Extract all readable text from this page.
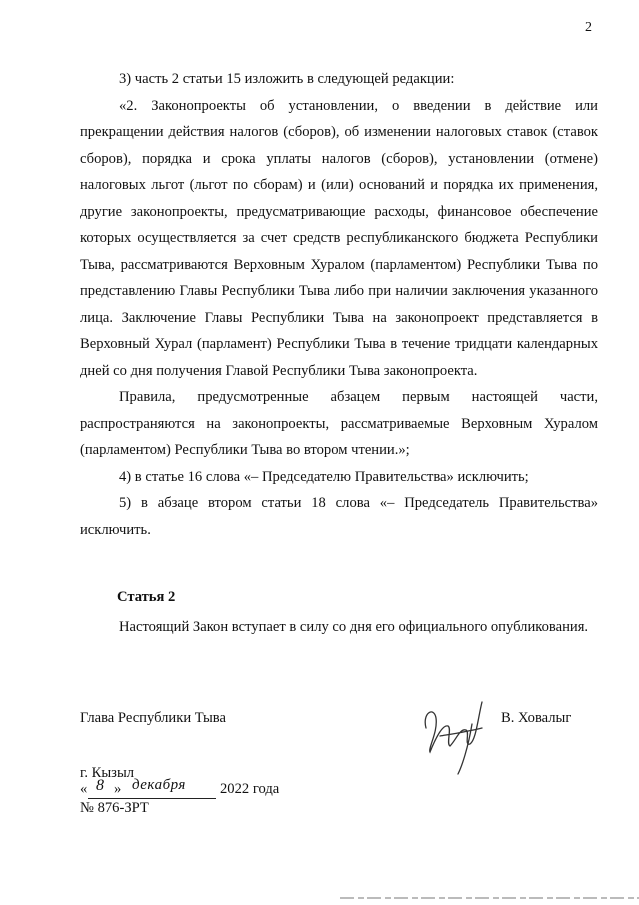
2

3) часть 2 статьи 15 изложить в следующей редакции:

«2. Законопроекты об установлении, о введении в действие или прекращении действия налогов (сборов), об изменении налоговых ставок (ставок сборов), порядка и срока уплаты налогов (сборов), установлении (отмене) налоговых льгот (льгот по сборам) и (или) оснований и порядка их применения, другие законопроекты, предусматривающие расходы, финансовое обеспечение которых осуществляется за счет средств республиканского бюджета Республики Тыва, рассматриваются Верховным Хуралом (парламентом) Республики Тыва по представлению Главы Республики Тыва либо при наличии заключения указанного лица. Заключение Главы Республики Тыва на законопроект представляется в Верховный Хурал (парламент) Республики Тыва в течение тридцати календарных дней со дня получения Главой Республики Тыва законопроекта.

Правила, предусмотренные абзацем первым настоящей части, распространяются на законопроекты, рассматриваемые Верховным Хуралом (парламентом) Республики Тыва во втором чтении.»;

4) в статье 16 слова «– Председателю Правительства» исключить;

5) в абзаце втором статьи 18 слова «– Председатель Правительства» исключить.

Статья 2

Настоящий Закон вступает в силу со дня его официального опубликования.

Глава Республики Тыва	В. Ховалыг
г. Кызыл
« 8 » декабря 2022 года
№ 876-ЗРТ
